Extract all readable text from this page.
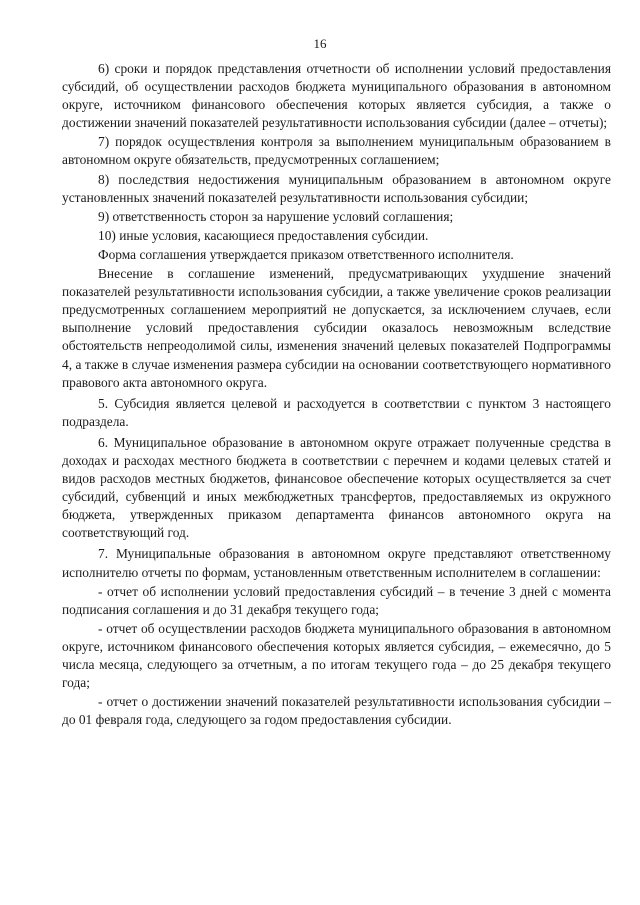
16

6) сроки и порядок представления отчетности об исполнении условий предоставления субсидий, об осуществлении расходов бюджета муниципального образования в автономном округе, источником финансового обеспечения которых является субсидия, а также о достижении значений показателей результативности использования субсидии (далее – отчеты);

7) порядок осуществления контроля за выполнением муниципальным образованием в автономном округе обязательств, предусмотренных соглашением;

8) последствия недостижения муниципальным образованием в автономном округе установленных значений показателей результативности использования субсидии;

9) ответственность сторон за нарушение условий соглашения;

10) иные условия, касающиеся предоставления субсидии.

Форма соглашения утверждается приказом ответственного исполнителя.

Внесение в соглашение изменений, предусматривающих ухудшение значений показателей результативности использования субсидии, а также увеличение сроков реализации предусмотренных соглашением мероприятий не допускается, за исключением случаев, если выполнение условий предоставления субсидии оказалось невозможным вследствие обстоятельств непреодолимой силы, изменения значений целевых показателей Подпрограммы 4, а также в случае изменения размера субсидии на основании соответствующего нормативного правового акта автономного округа.

5. Субсидия является целевой и расходуется в соответствии с пунктом 3 настоящего подраздела.

6. Муниципальное образование в автономном округе отражает полученные средства в доходах и расходах местного бюджета в соответствии с перечнем и кодами целевых статей и видов расходов местных бюджетов, финансовое обеспечение которых осуществляется за счет субсидий, субвенций и иных межбюджетных трансфертов, предоставляемых из окружного бюджета, утвержденных приказом департамента финансов автономного округа на соответствующий год.

7. Муниципальные образования в автономном округе представляют ответственному исполнителю отчеты по формам, установленным ответственным исполнителем в соглашении:

- отчет об исполнении условий предоставления субсидий – в течение 3 дней с момента подписания соглашения и до 31 декабря текущего года;

- отчет об осуществлении расходов бюджета муниципального образования в автономном округе, источником финансового обеспечения которых является субсидия, – ежемесячно, до 5 числа месяца, следующего за отчетным, а по итогам текущего года – до 25 декабря текущего года;

- отчет о достижении значений показателей результативности использования субсидии – до 01 февраля года, следующего за годом предоставления субсидии.
